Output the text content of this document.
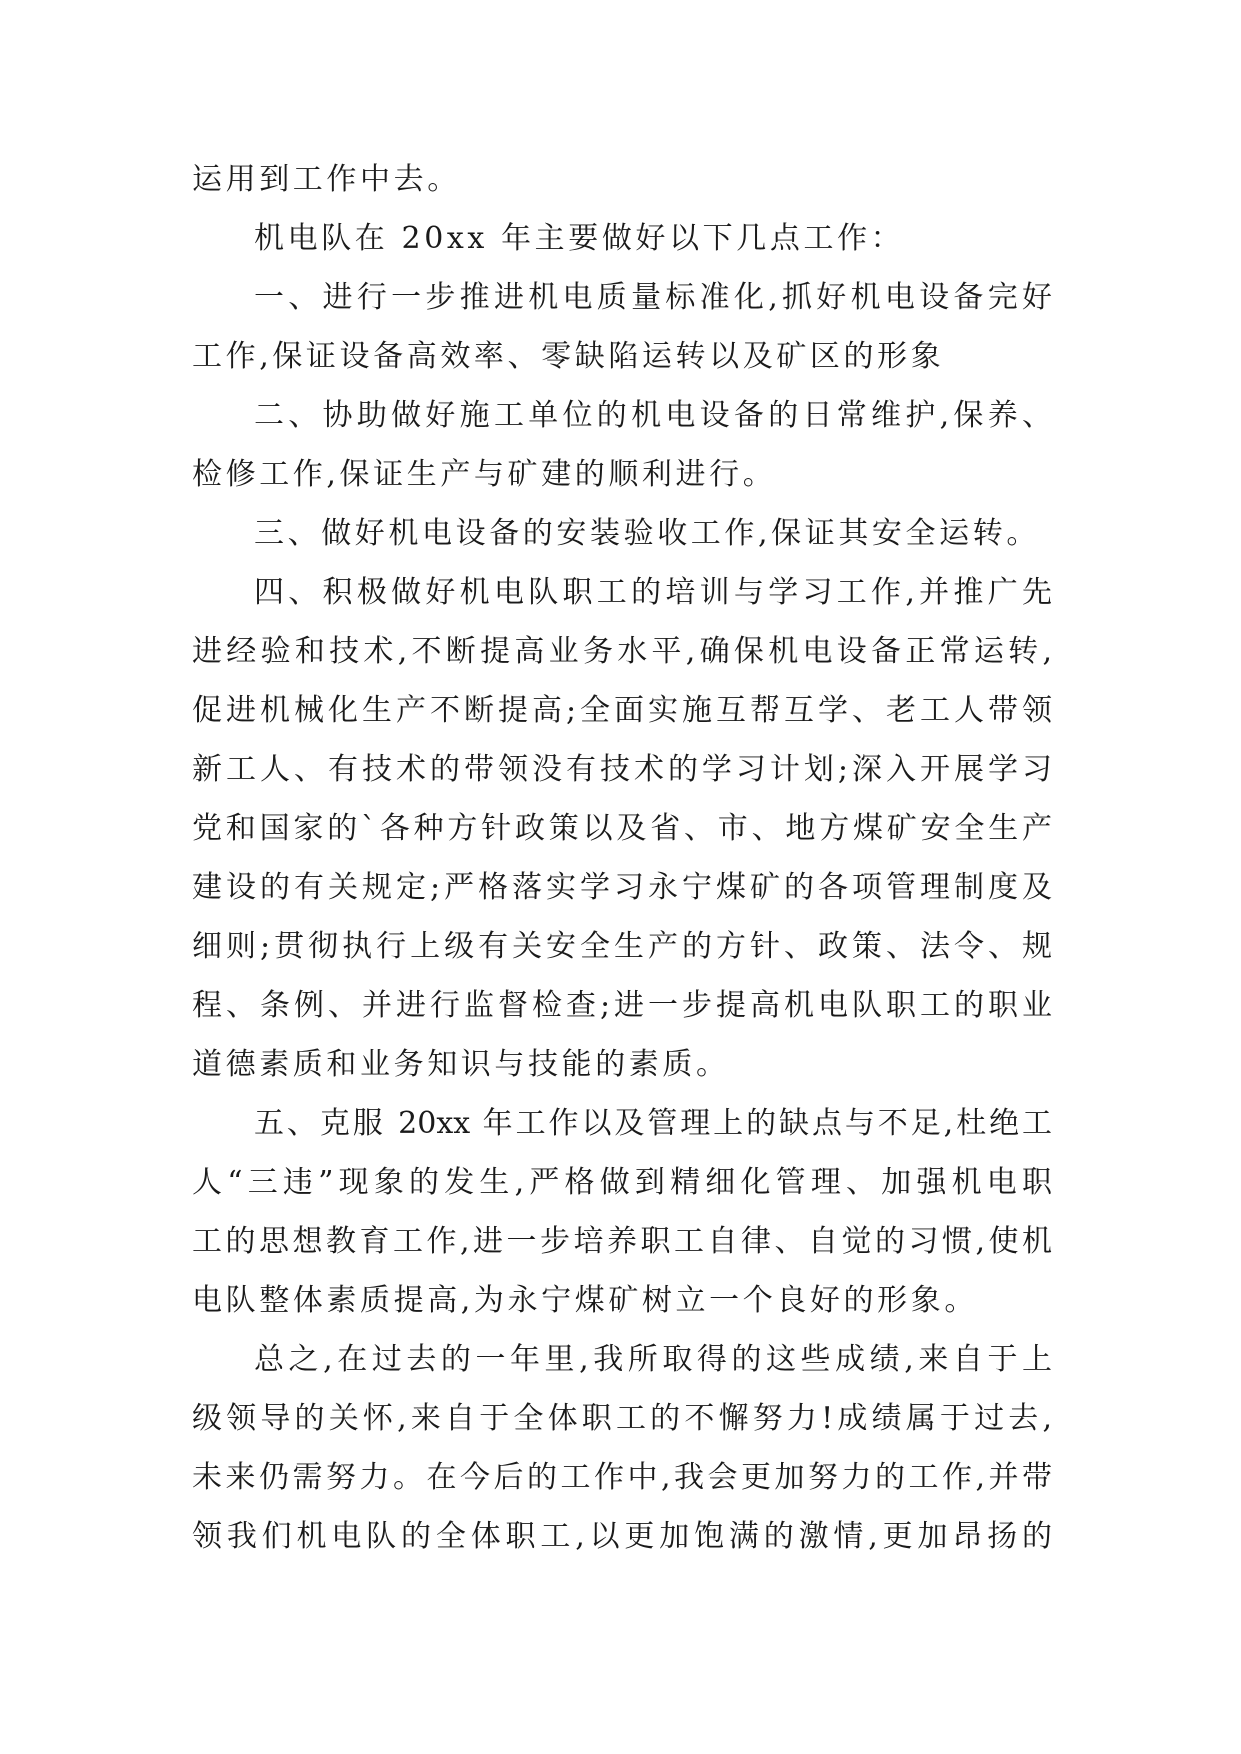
运用到工作中去。
机电队在 20xx 年主要做好以下几点工作：
一、进行一步推进机电质量标准化,抓好机电设备完好
工作,保证设备高效率、零缺陷运转以及矿区的形象
二、协助做好施工单位的机电设备的日常维护,保养、
检修工作,保证生产与矿建的顺利进行。
三、做好机电设备的安装验收工作,保证其安全运转。
四、积极做好机电队职工的培训与学习工作,并推广先
进经验和技术,不断提高业务水平,确保机电设备正常运转,
促进机械化生产不断提高;全面实施互帮互学、老工人带领
新工人、有技术的带领没有技术的学习计划;深入开展学习
党和国家的`各种方针政策以及省、市、地方煤矿安全生产
建设的有关规定;严格落实学习永宁煤矿的各项管理制度及
细则;贯彻执行上级有关安全生产的方针、政策、法令、规
程、条例、并进行监督检查;进一步提高机电队职工的职业
道德素质和业务知识与技能的素质。
五、克服 20xx 年工作以及管理上的缺点与不足,杜绝工
人“三违”现象的发生,严格做到精细化管理、加强机电职
工的思想教育工作,进一步培养职工自律、自觉的习惯,使机
电队整体素质提高,为永宁煤矿树立一个良好的形象。
总之,在过去的一年里,我所取得的这些成绩,来自于上
级领导的关怀,来自于全体职工的不懈努力!成绩属于过去,
未来仍需努力。在今后的工作中,我会更加努力的工作,并带
领我们机电队的全体职工,以更加饱满的激情,更加昂扬的
